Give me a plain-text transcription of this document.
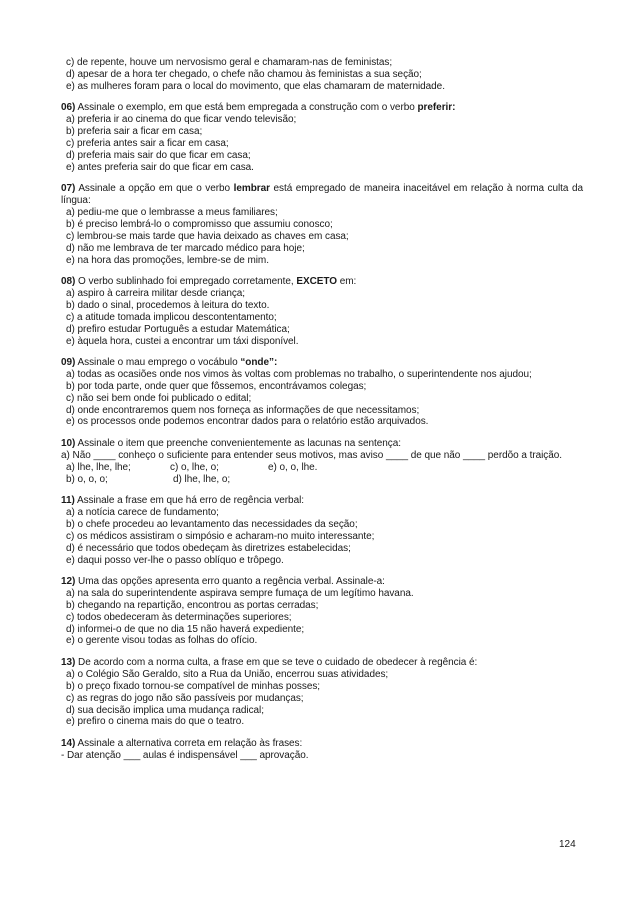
c) de repente, houve um nervosismo geral e chamaram-nas de feministas;

d) apesar de a hora ter chegado, o chefe não chamou às feministas a sua seção;

e) as mulheres foram para o local do movimento, que elas chamaram de maternidade.

06) Assinale o exemplo, em que está bem empregada a construção com o verbo preferir:

a) preferia ir ao cinema do que ficar vendo televisão;

b) preferia sair a ficar em casa;

c) preferia antes sair a ficar em casa;

d) preferia mais sair do que ficar em casa;

e) antes preferia sair do que ficar em casa.

07) Assinale a opção em que o verbo lembrar está empregado de maneira inaceitável em relação à norma culta da língua:

a) pediu-me que o lembrasse a meus familiares;

b) é preciso lembrá-lo o compromisso que assumiu conosco;

c) lembrou-se mais tarde que havia deixado as chaves em casa;

d) não me lembrava de ter marcado médico para hoje;

e) na hora das promoções, lembre-se de mim.

08) O verbo sublinhado foi empregado corretamente, EXCETO em:

a) aspiro à carreira militar desde criança;

b) dado o sinal, procedemos à leitura do texto.

c) a atitude tomada implicou descontentamento;

d) prefiro estudar Português a estudar Matemática;

e) àquela hora, custei a encontrar um táxi disponível.

09) Assinale o mau emprego o vocábulo “onde”:

a) todas as ocasiões onde nos vimos às voltas com problemas no trabalho, o superintendente nos ajudou;

b) por toda parte, onde quer que fôssemos, encontrávamos colegas;

c) não sei bem onde foi publicado o edital;

d) onde encontraremos quem nos forneça as informações de que necessitamos;

e) os processos onde podemos encontrar dados para o relatório estão arquivados.

10) Assinale o item que preenche convenientemente as lacunas na sentença:

a) Não ____ conheço o suficiente para entender seus motivos, mas aviso ____ de que não ____ perdõo a traição.

a) lhe, lhe, lhe;	c) o, lhe, o;	e) o, o, lhe.

b) o, o, o;	d) lhe, lhe, o;

11) Assinale a frase em que há erro de regência verbal:

a) a notícia carece de fundamento;

b) o chefe procedeu ao levantamento das necessidades da seção;

c) os médicos assistiram o simpósio e acharam-no muito interessante;

d) é necessário que todos obedeçam às diretrizes estabelecidas;

e) daqui posso ver-lhe o passo oblíquo e trôpego.

12) Uma das opções apresenta erro quanto a regência verbal. Assinale-a:

a) na sala do superintendente aspirava sempre fumaça de um legítimo havana.

b) chegando na repartição, encontrou as portas cerradas;

c) todos obedeceram às determinações superiores;

d) informei-o de que no dia 15 não haverá expediente;

e) o gerente visou todas as folhas do ofício.

13) De acordo com a norma culta, a frase em que se teve o cuidado de obedecer à regência é:

a) o Colégio São Geraldo, sito a Rua da União, encerrou suas atividades;

b) o preço fixado tornou-se compatível de minhas posses;

c) as regras do jogo não são passíveis por mudanças;

d) sua decisão implica uma mudança radical;

e) prefiro o cinema mais do que o teatro.

14) Assinale a alternativa correta em relação às frases:

- Dar atenção ___ aulas é indispensável ___ aprovação.

124
